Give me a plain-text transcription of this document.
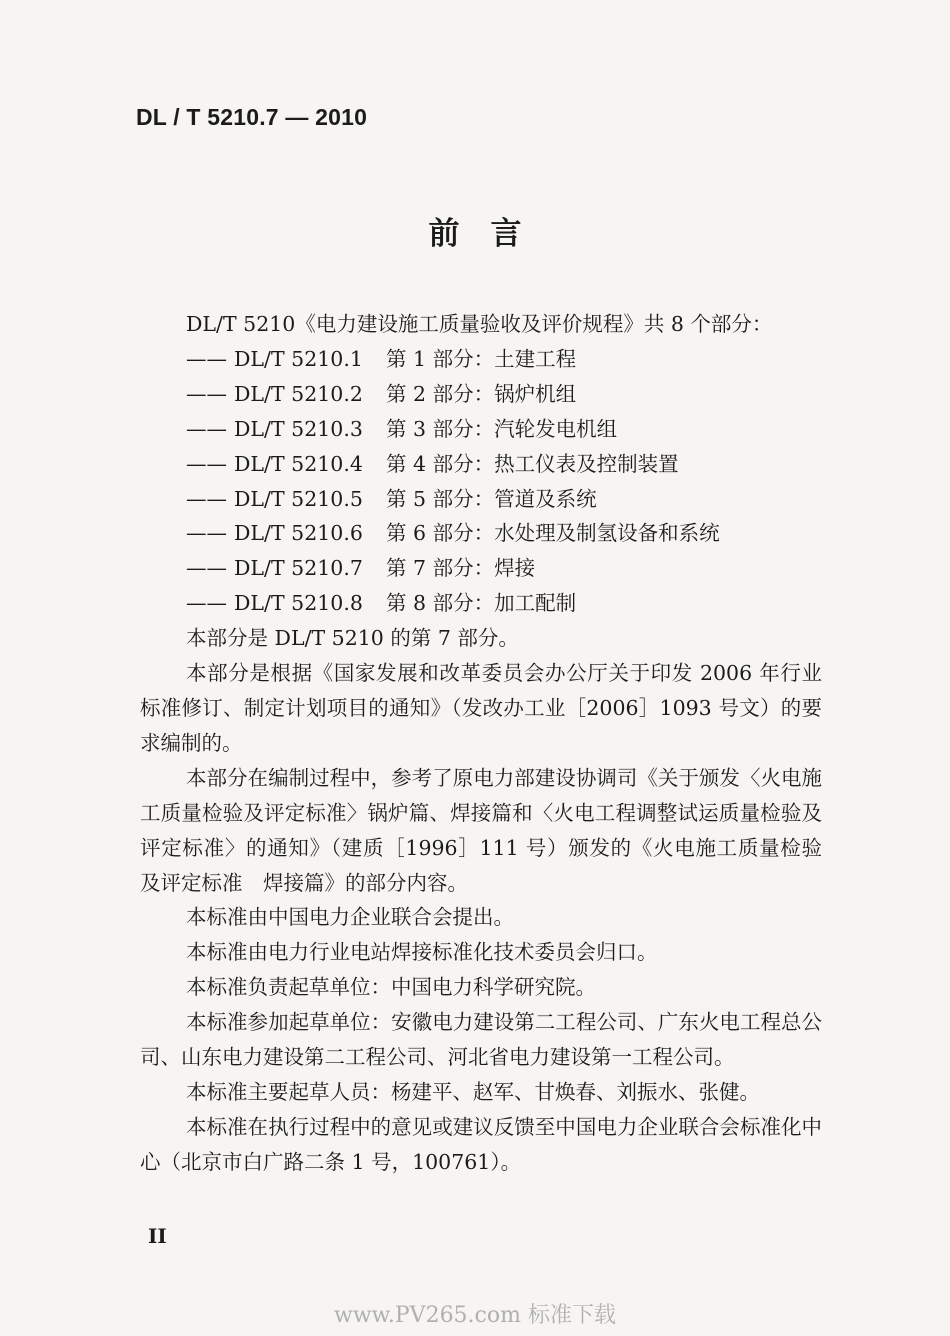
DL / T 5210.7 — 2010
前　言

DL/T 5210《电力建设施工质量验收及评价规程》共 8 个部分：

—— DL/T 5210.1 第 1 部分：土建工程
—— DL/T 5210.2 第 2 部分：锅炉机组
—— DL/T 5210.3 第 3 部分：汽轮发电机组
—— DL/T 5210.4 第 4 部分：热工仪表及控制装置
—— DL/T 5210.5 第 5 部分：管道及系统
—— DL/T 5210.6 第 6 部分：水处理及制氢设备和系统
—— DL/T 5210.7 第 7 部分：焊接
—— DL/T 5210.8 第 8 部分：加工配制

本部分是 DL/T 5210 的第 7 部分。

本部分是根据《国家发展和改革委员会办公厅关于印发 2006 年行业标准修订、制定计划项目的通知》（发改办工业［2006］1093 号文）的要求编制的。

本部分在编制过程中，参考了原电力部建设协调司《关于颁发〈火电施工质量检验及评定标准〉锅炉篇、焊接篇和〈火电工程调整试运质量检验及评定标准〉的通知》（建质［1996］111 号）颁发的《火电施工质量检验及评定标准　焊接篇》的部分内容。

本标准由中国电力企业联合会提出。

本标准由电力行业电站焊接标准化技术委员会归口。

本标准负责起草单位：中国电力科学研究院。

本标准参加起草单位：安徽电力建设第二工程公司、广东火电工程总公司、山东电力建设第二工程公司、河北省电力建设第一工程公司。

本标准主要起草人员：杨建平、赵军、甘焕春、刘振水、张健。

本标准在执行过程中的意见或建议反馈至中国电力企业联合会标准化中心（北京市白广路二条 1 号，100761）。

II
www.PV265.com 标准下载
